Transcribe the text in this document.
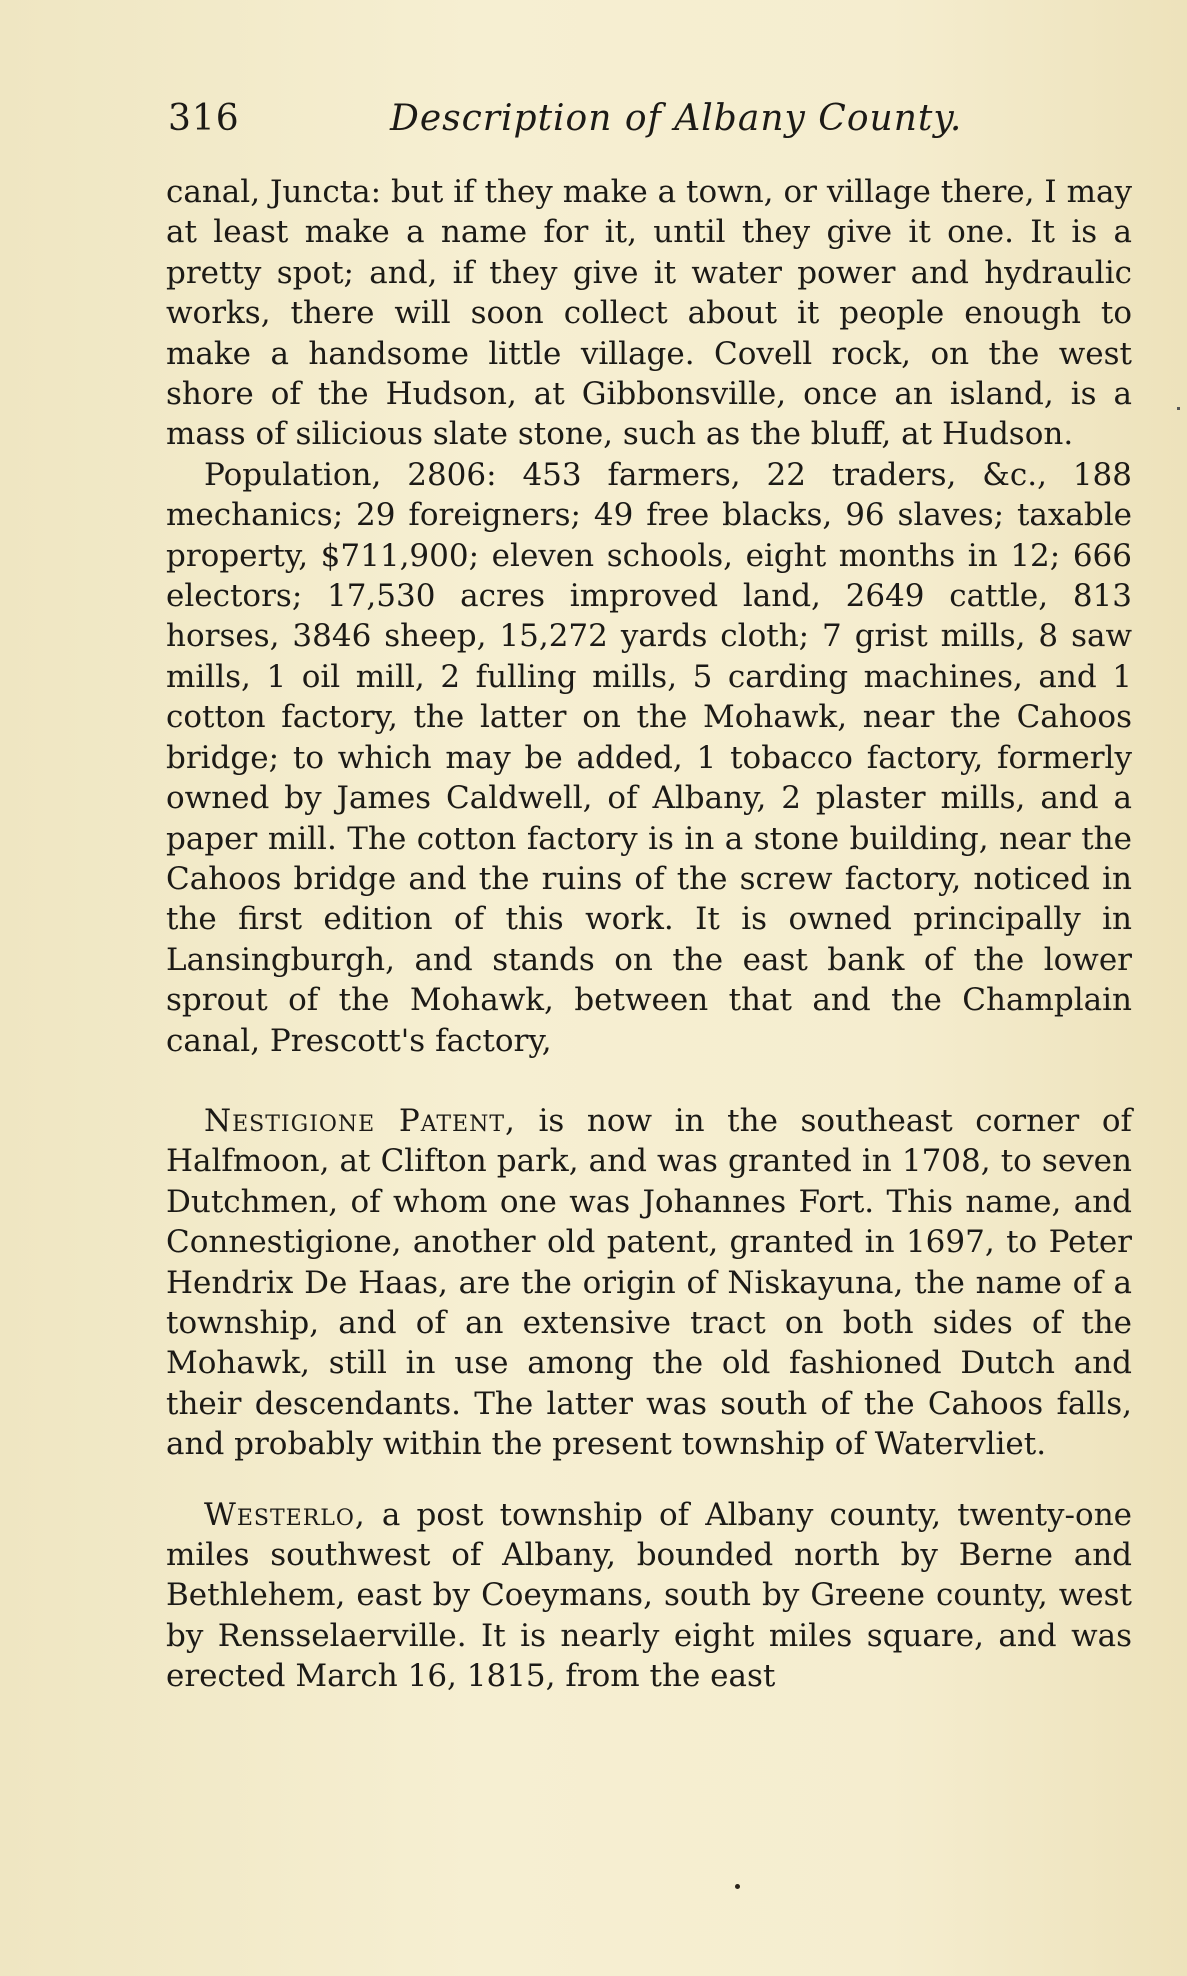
316	Description of Albany County.

canal, Juncta: but if they make a town, or village there, I may at least make a name for it, until they give it one. It is a pretty spot; and, if they give it water power and hydraulic works, there will soon collect about it people enough to make a handsome little village. Covell rock, on the west shore of the Hudson, at Gibbonsville, once an island, is a mass of silicious slate stone, such as the bluff, at Hudson.

Population, 2806: 453 farmers, 22 traders, &c., 188 mechanics; 29 foreigners; 49 free blacks, 96 slaves; taxable property, $711,900; eleven schools, eight months in 12; 666 electors; 17,530 acres improved land, 2649 cattle, 813 horses, 3846 sheep, 15,272 yards cloth; 7 grist mills, 8 saw mills, 1 oil mill, 2 fulling mills, 5 carding machines, and 1 cotton factory, the latter on the Mohawk, near the Cahoos bridge; to which may be added, 1 tobacco factory, formerly owned by James Caldwell, of Albany, 2 plaster mills, and a paper mill. The cotton factory is in a stone building, near the Cahoos bridge and the ruins of the screw factory, noticed in the first edition of this work. It is owned principally in Lansingburgh, and stands on the east bank of the lower sprout of the Mohawk, between that and the Champlain canal, Prescott's factory,

Nestigione Patent, is now in the southeast corner of Halfmoon, at Clifton park, and was granted in 1708, to seven Dutchmen, of whom one was Johannes Fort. This name, and Connestigione, another old patent, granted in 1697, to Peter Hendrix De Haas, are the origin of Niskayuna, the name of a township, and of an extensive tract on both sides of the Mohawk, still in use among the old fashioned Dutch and their descendants. The latter was south of the Cahoos falls, and probably within the present township of Watervliet.

Westerlo, a post township of Albany county, twenty-one miles southwest of Albany, bounded north by Berne and Bethlehem, east by Coeymans, south by Greene county, west by Rensselaerville. It is nearly eight miles square, and was erected March 16, 1815, from the east
